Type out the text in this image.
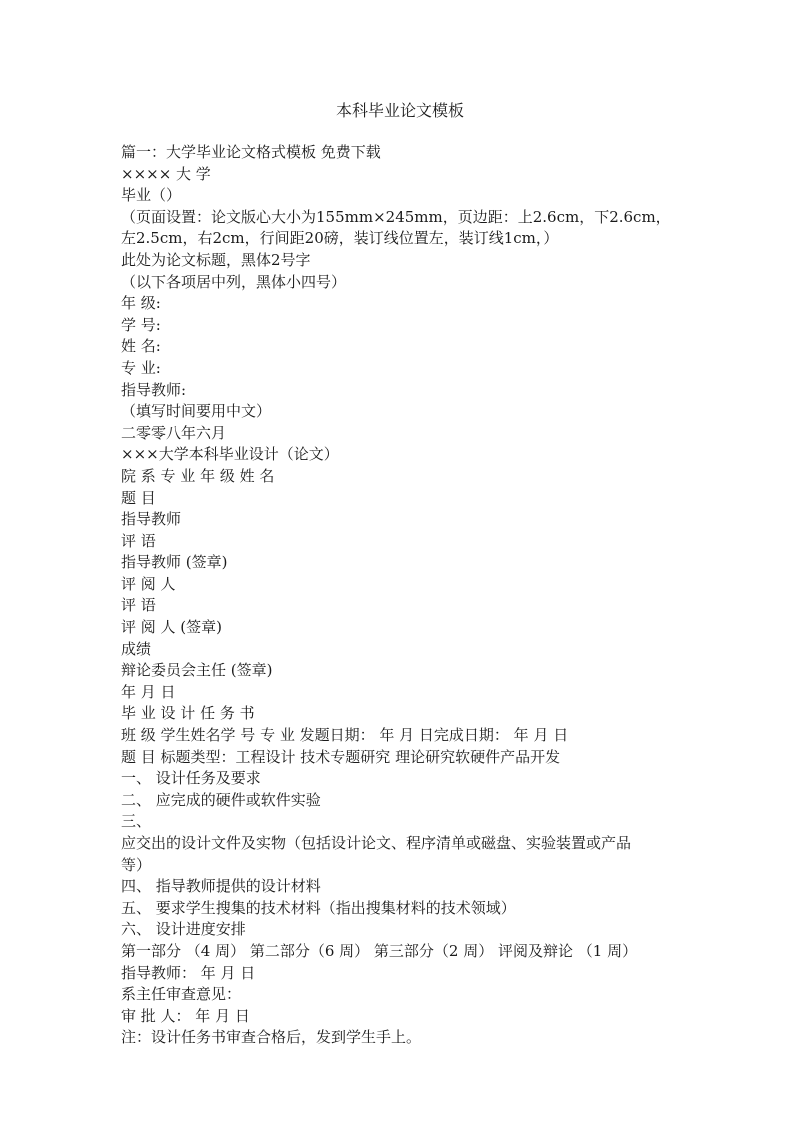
本科毕业论文模板
篇一：大学毕业论文格式模板 免费下载
×××× 大 学
毕业（）
（页面设置：论文版心大小为155mm×245mm，页边距：上2.6cm，下2.6cm，
左2.5cm，右2cm，行间距20磅，装订线位置左，装订线1cm，）
此处为论文标题，黑体2号字
（以下各项居中列，黑体小四号）
年 级:
学 号:
姓 名:
专 业:
指导教师:
（填写时间要用中文）
二零零八年六月
×××大学本科毕业设计（论文）
院 系 专 业 年 级 姓 名
题 目
指导教师
评 语
指导教师 (签章)
评 阅 人
评 语
评 阅 人 (签章)
成绩
辩论委员会主任 (签章)
年 月 日
毕 业 设 计 任 务 书
班 级 学生姓名学 号 专 业 发题日期： 年 月 日完成日期： 年 月 日
题 目 标题类型：工程设计 技术专题研究 理论研究软硬件产品开发
一、 设计任务及要求
二、 应完成的硬件或软件实验
三、
应交出的设计文件及实物（包括设计论文、程序清单或磁盘、实验装置或产品
等）
四、 指导教师提供的设计材料
五、 要求学生搜集的技术材料（指出搜集材料的技术领域）
六、 设计进度安排
第一部分 （4 周） 第二部分（6 周） 第三部分（2 周） 评阅及辩论 （1 周）
指导教师： 年 月 日
系主任审查意见：
审 批 人： 年 月 日
注：设计任务书审查合格后，发到学生手上。
